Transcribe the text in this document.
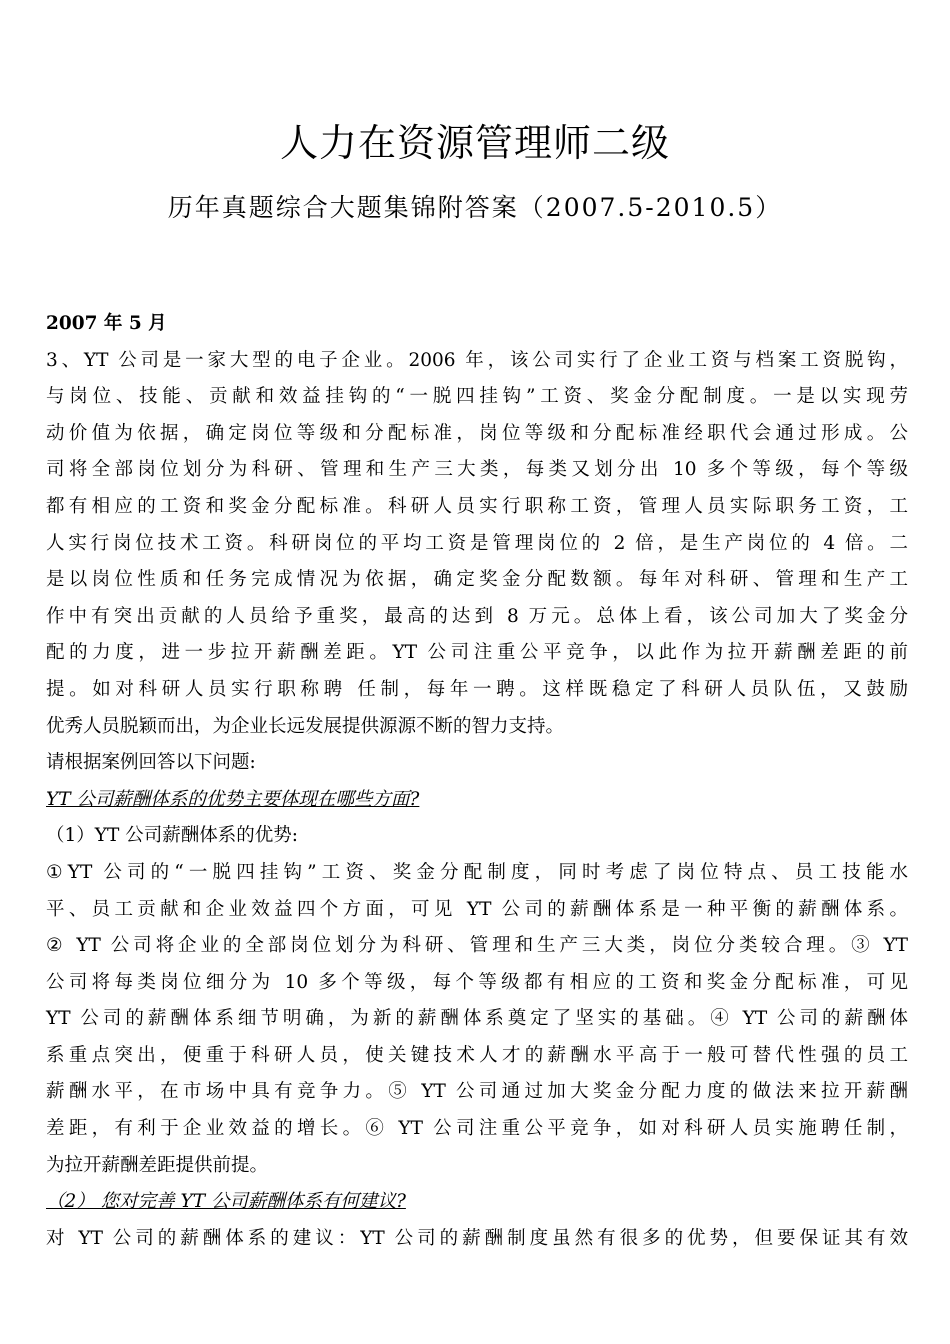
人力在资源管理师二级
历年真题综合大题集锦附答案（2007.5-2010.5）
2007 年 5 月
3、YT 公司是一家大型的电子企业。2006 年，该公司实行了企业工资与档案工资脱钩，
与岗位、技能、贡献和效益挂钩的“一脱四挂钩”工资、奖金分配制度。一是以实现劳
动价值为依据，确定岗位等级和分配标准，岗位等级和分配标准经职代会通过形成。公
司将全部岗位划分为科研、管理和生产三大类，每类又划分出 10 多个等级，每个等级
都有相应的工资和奖金分配标准。科研人员实行职称工资，管理人员实际职务工资，工
人实行岗位技术工资。科研岗位的平均工资是管理岗位的 2 倍，是生产岗位的 4 倍。二
是以岗位性质和任务完成情况为依据，确定奖金分配数额。每年对科研、管理和生产工
作中有突出贡献的人员给予重奖，最高的达到 8 万元。总体上看，该公司加大了奖金分
配的力度，进一步拉开薪酬差距。YT 公司注重公平竞争，以此作为拉开薪酬差距的前
提。如对科研人员实行职称聘 任制，每年一聘。这样既稳定了科研人员队伍，又鼓励
优秀人员脱颖而出，为企业长远发展提供源源不断的智力支持。
请根据案例回答以下问题:
YT 公司薪酬体系的优势主要体现在哪些方面?
（1）YT 公司薪酬体系的优势:
①YT 公司的“一脱四挂钩”工资、奖金分配制度，同时考虑了岗位特点、员工技能水
平、员工贡献和企业效益四个方面，可见 YT 公司的薪酬体系是一种平衡的薪酬体系。
② YT 公司将企业的全部岗位划分为科研、管理和生产三大类，岗位分类较合理。③ YT
公司将每类岗位细分为 10 多个等级，每个等级都有相应的工资和奖金分配标准，可见
YT 公司的薪酬体系细节明确，为新的薪酬体系奠定了坚实的基础。④ YT 公司的薪酬体
系重点突出，便重于科研人员，使关键技术人才的薪酬水平高于一般可替代性强的员工
薪酬水平，在市场中具有竞争力。⑤ YT 公司通过加大奖金分配力度的做法来拉开薪酬
差距，有利于企业效益的增长。⑥ YT 公司注重公平竞争，如对科研人员实施聘任制，
为拉开薪酬差距提供前提。
（2） 您对完善 YT 公司薪酬体系有何建议?
对 YT 公司的薪酬体系的建议：YT 公司的薪酬制度虽然有很多的优势，但要保证其有效
